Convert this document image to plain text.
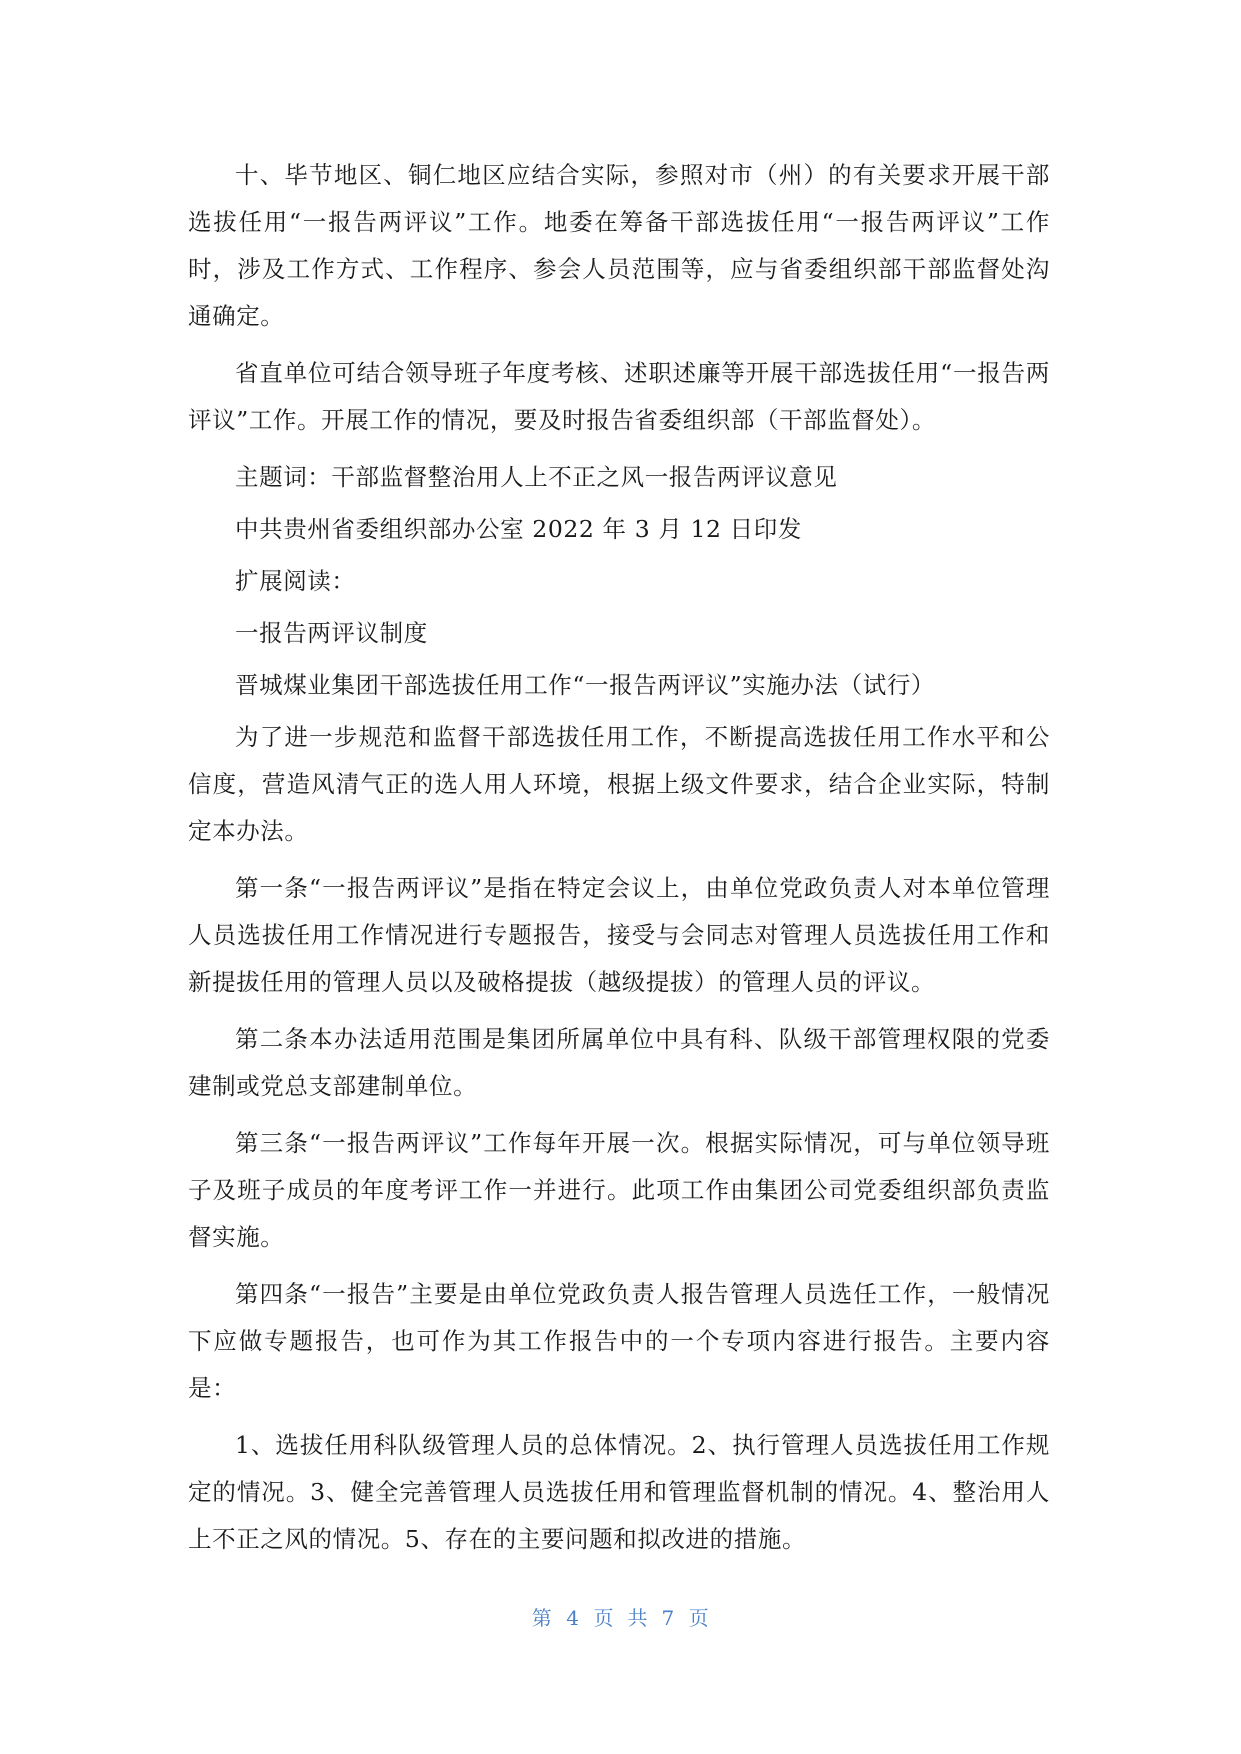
十、毕节地区、铜仁地区应结合实际，参照对市（州）的有关要求开展干部选拔任用“一报告两评议”工作。地委在筹备干部选拔任用“一报告两评议”工作时，涉及工作方式、工作程序、参会人员范围等，应与省委组织部干部监督处沟通确定。

省直单位可结合领导班子年度考核、述职述廉等开展干部选拔任用“一报告两评议”工作。开展工作的情况，要及时报告省委组织部（干部监督处）。

主题词：干部监督整治用人上不正之风一报告两评议意见

中共贵州省委组织部办公室 2022 年 3 月 12 日印发

扩展阅读：

一报告两评议制度

晋城煤业集团干部选拔任用工作“一报告两评议”实施办法（试行）

为了进一步规范和监督干部选拔任用工作，不断提高选拔任用工作水平和公信度，营造风清气正的选人用人环境，根据上级文件要求，结合企业实际，特制定本办法。

第一条“一报告两评议”是指在特定会议上，由单位党政负责人对本单位管理人员选拔任用工作情况进行专题报告，接受与会同志对管理人员选拔任用工作和新提拔任用的管理人员以及破格提拔（越级提拔）的管理人员的评议。

第二条本办法适用范围是集团所属单位中具有科、队级干部管理权限的党委建制或党总支部建制单位。

第三条“一报告两评议”工作每年开展一次。根据实际情况，可与单位领导班子及班子成员的年度考评工作一并进行。此项工作由集团公司党委组织部负责监督实施。

第四条“一报告”主要是由单位党政负责人报告管理人员选任工作，一般情况下应做专题报告，也可作为其工作报告中的一个专项内容进行报告。主要内容是：

1、选拔任用科队级管理人员的总体情况。2、执行管理人员选拔任用工作规定的情况。3、健全完善管理人员选拔任用和管理监督机制的情况。4、整治用人上不正之风的情况。5、存在的主要问题和拟改进的措施。

第 4 页共7 页
